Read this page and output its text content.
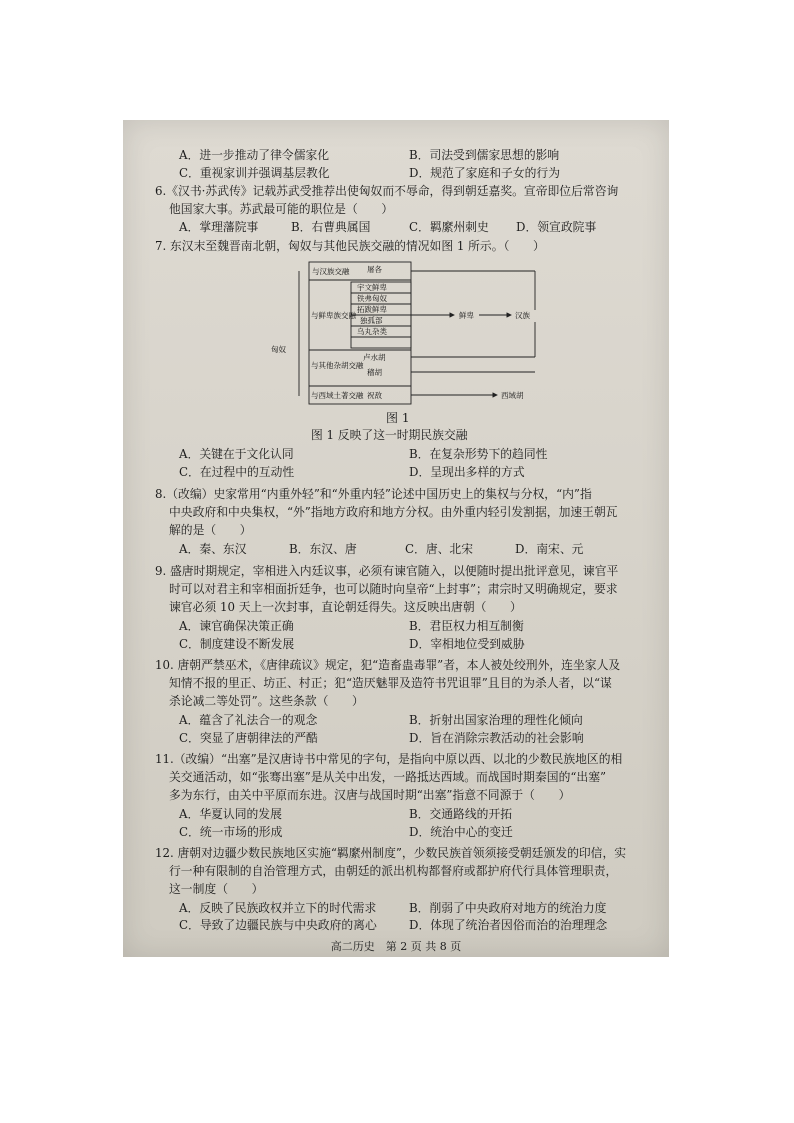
A．进一步推动了律令儒家化	B．司法受到儒家思想的影响
C．重视家训并强调基层教化	D．规范了家庭和子女的行为
6.《汉书·苏武传》记载苏武受推荐出使匈奴而不辱命，得到朝廷嘉奖。宣帝即位后常咨询
他国家大事。苏武最可能的职位是（　　）
A．掌理藩院事	B．右曹典属国	C．羁縻州刺史 D．领宣政院事
7. 东汉末至魏晋南北朝，匈奴与其他民族交融的情况如图 1 所示。（　　）
匈奴
与汉族交融
与鲜卑族交融
与其他杂胡交融
与西域土著交融
屠各
宇文鲜卑
铁弗匈奴
拓跋鲜卑
独孤部
乌丸杂类
卢水胡
稽胡
祝敌
鲜卑	汉族
西域胡
图 1
图 1 反映了这一时期民族交融
A．关键在于文化认同	B．在复杂形势下的趋同性
C．在过程中的互动性	D．呈现出多样的方式
8.（改编）史家常用“内重外轻”和“外重内轻”论述中国历史上的集权与分权，“内”指
中央政府和中央集权，“外”指地方政府和地方分权。由外重内轻引发割据，加速王朝瓦
解的是（　　）
A．秦、东汉	B．东汉、唐	C．唐、北宋	D．南宋、元
9. 盛唐时期规定，宰相进入内廷议事，必须有谏官随入，以便随时提出批评意见，谏官平
时可以对君主和宰相面折廷争，也可以随时向皇帝“上封事”；肃宗时又明确规定，要求
谏官必须 10 天上一次封事，直论朝廷得失。这反映出唐朝（　　）
A．谏官确保决策正确	B．君臣权力相互制衡
C．制度建设不断发展	D．宰相地位受到威胁
10. 唐朝严禁巫术，《唐律疏议》规定，犯“造畜蛊毒罪”者，本人被处绞刑外，连坐家人及
知情不报的里正、坊正、村正；犯“造厌魅罪及造符书咒诅罪”且目的为杀人者，以“谋
杀论减二等处罚”。这些条款（　　）
A．蕴含了礼法合一的观念	B．折射出国家治理的理性化倾向
C．突显了唐朝律法的严酷	D．旨在消除宗教活动的社会影响
11.（改编）“出塞”是汉唐诗书中常见的字句，是指向中原以西、以北的少数民族地区的相
关交通活动，如“张骞出塞”是从关中出发，一路抵达西域。而战国时期秦国的“出塞”
多为东行，由关中平原而东进。汉唐与战国时期“出塞”指意不同源于（　　）
A．华夏认同的发展	B．交通路线的开拓
C．统一市场的形成	D．统治中心的变迁
12. 唐朝对边疆少数民族地区实施“羁縻州制度”，少数民族首领须接受朝廷颁发的印信，实
行一种有限制的自治管理方式，由朝廷的派出机构都督府或都护府代行具体管理职责，
这一制度（　　）
A．反映了民族政权并立下的时代需求	B．削弱了中央政府对地方的统治力度
C．导致了边疆民族与中央政府的离心	D．体现了统治者因俗而治的治理理念
高二历史　第 2 页 共 8 页
